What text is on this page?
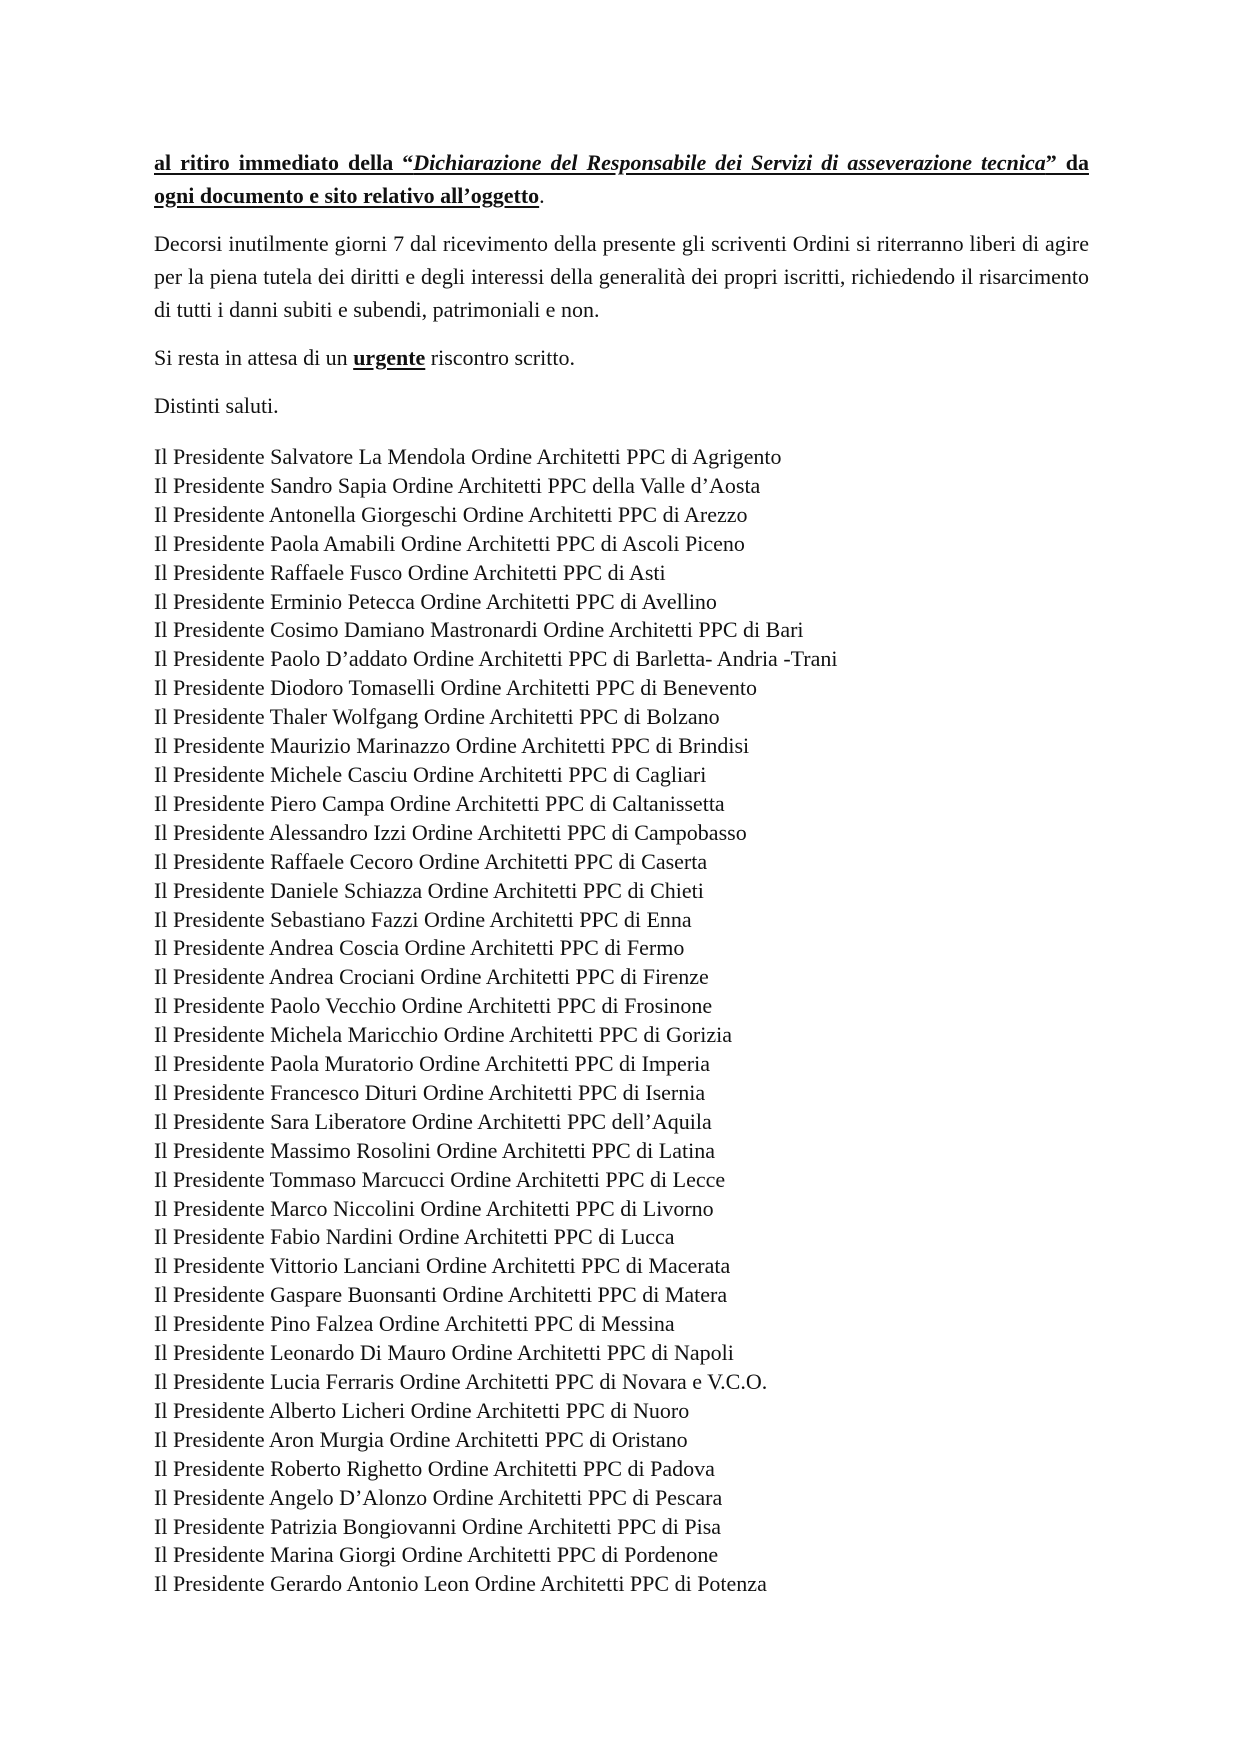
al ritiro immediato della “Dichiarazione del Responsabile dei Servizi di asseverazione tecnica” da ogni documento e sito relativo all’oggetto.

Decorsi inutilmente giorni 7 dal ricevimento della presente gli scriventi Ordini si riterranno liberi di agire per la piena tutela dei diritti e degli interessi della generalità dei propri iscritti, richiedendo il risarcimento di tutti i danni subiti e subendi, patrimoniali e non.

Si resta in attesa di un urgente riscontro scritto.

Distinti saluti.

Il Presidente Salvatore La Mendola Ordine Architetti PPC di Agrigento
Il Presidente Sandro Sapia Ordine Architetti PPC della Valle d’Aosta
Il Presidente Antonella Giorgeschi Ordine Architetti PPC di Arezzo
Il Presidente Paola Amabili Ordine Architetti PPC di Ascoli Piceno
Il Presidente Raffaele Fusco Ordine Architetti PPC di Asti
Il Presidente Erminio Petecca Ordine Architetti PPC di Avellino
Il Presidente Cosimo Damiano Mastronardi Ordine Architetti PPC di Bari
Il Presidente Paolo D’addato Ordine Architetti PPC di Barletta- Andria -Trani
Il Presidente Diodoro Tomaselli Ordine Architetti PPC di Benevento
Il Presidente Thaler Wolfgang Ordine Architetti PPC di Bolzano
Il Presidente Maurizio Marinazzo Ordine Architetti PPC di Brindisi
Il Presidente Michele Casciu Ordine Architetti PPC di Cagliari
Il Presidente Piero Campa Ordine Architetti PPC di Caltanissetta
Il Presidente Alessandro Izzi Ordine Architetti PPC di Campobasso
Il Presidente Raffaele Cecoro Ordine Architetti PPC di Caserta
Il Presidente Daniele Schiazza Ordine Architetti PPC di Chieti
Il Presidente Sebastiano Fazzi Ordine Architetti PPC di Enna
Il Presidente Andrea Coscia Ordine Architetti PPC di Fermo
Il Presidente Andrea Crociani Ordine Architetti PPC di Firenze
Il Presidente Paolo Vecchio Ordine Architetti PPC di Frosinone
Il Presidente Michela Maricchio Ordine Architetti PPC di Gorizia
Il Presidente Paola Muratorio Ordine Architetti PPC di Imperia
Il Presidente Francesco Dituri Ordine Architetti PPC di Isernia
Il Presidente Sara Liberatore Ordine Architetti PPC dell’Aquila
Il Presidente Massimo Rosolini Ordine Architetti PPC di Latina
Il Presidente Tommaso Marcucci Ordine Architetti PPC di Lecce
Il Presidente Marco Niccolini Ordine Architetti PPC di Livorno
Il Presidente Fabio Nardini Ordine Architetti PPC di Lucca
Il Presidente Vittorio Lanciani Ordine Architetti PPC di Macerata
Il Presidente Gaspare Buonsanti Ordine Architetti PPC di Matera
Il Presidente Pino Falzea Ordine Architetti PPC di Messina
Il Presidente Leonardo Di Mauro Ordine Architetti PPC di Napoli
Il Presidente Lucia Ferraris Ordine Architetti PPC di Novara e V.C.O.
Il Presidente Alberto Licheri Ordine Architetti PPC di Nuoro
Il Presidente Aron Murgia Ordine Architetti PPC di Oristano
Il Presidente Roberto Righetto Ordine Architetti PPC di Padova
Il Presidente Angelo D’Alonzo Ordine Architetti PPC di Pescara
Il Presidente Patrizia Bongiovanni Ordine Architetti PPC di Pisa
Il Presidente Marina Giorgi Ordine Architetti PPC di Pordenone
Il Presidente Gerardo Antonio Leon Ordine Architetti PPC di Potenza
